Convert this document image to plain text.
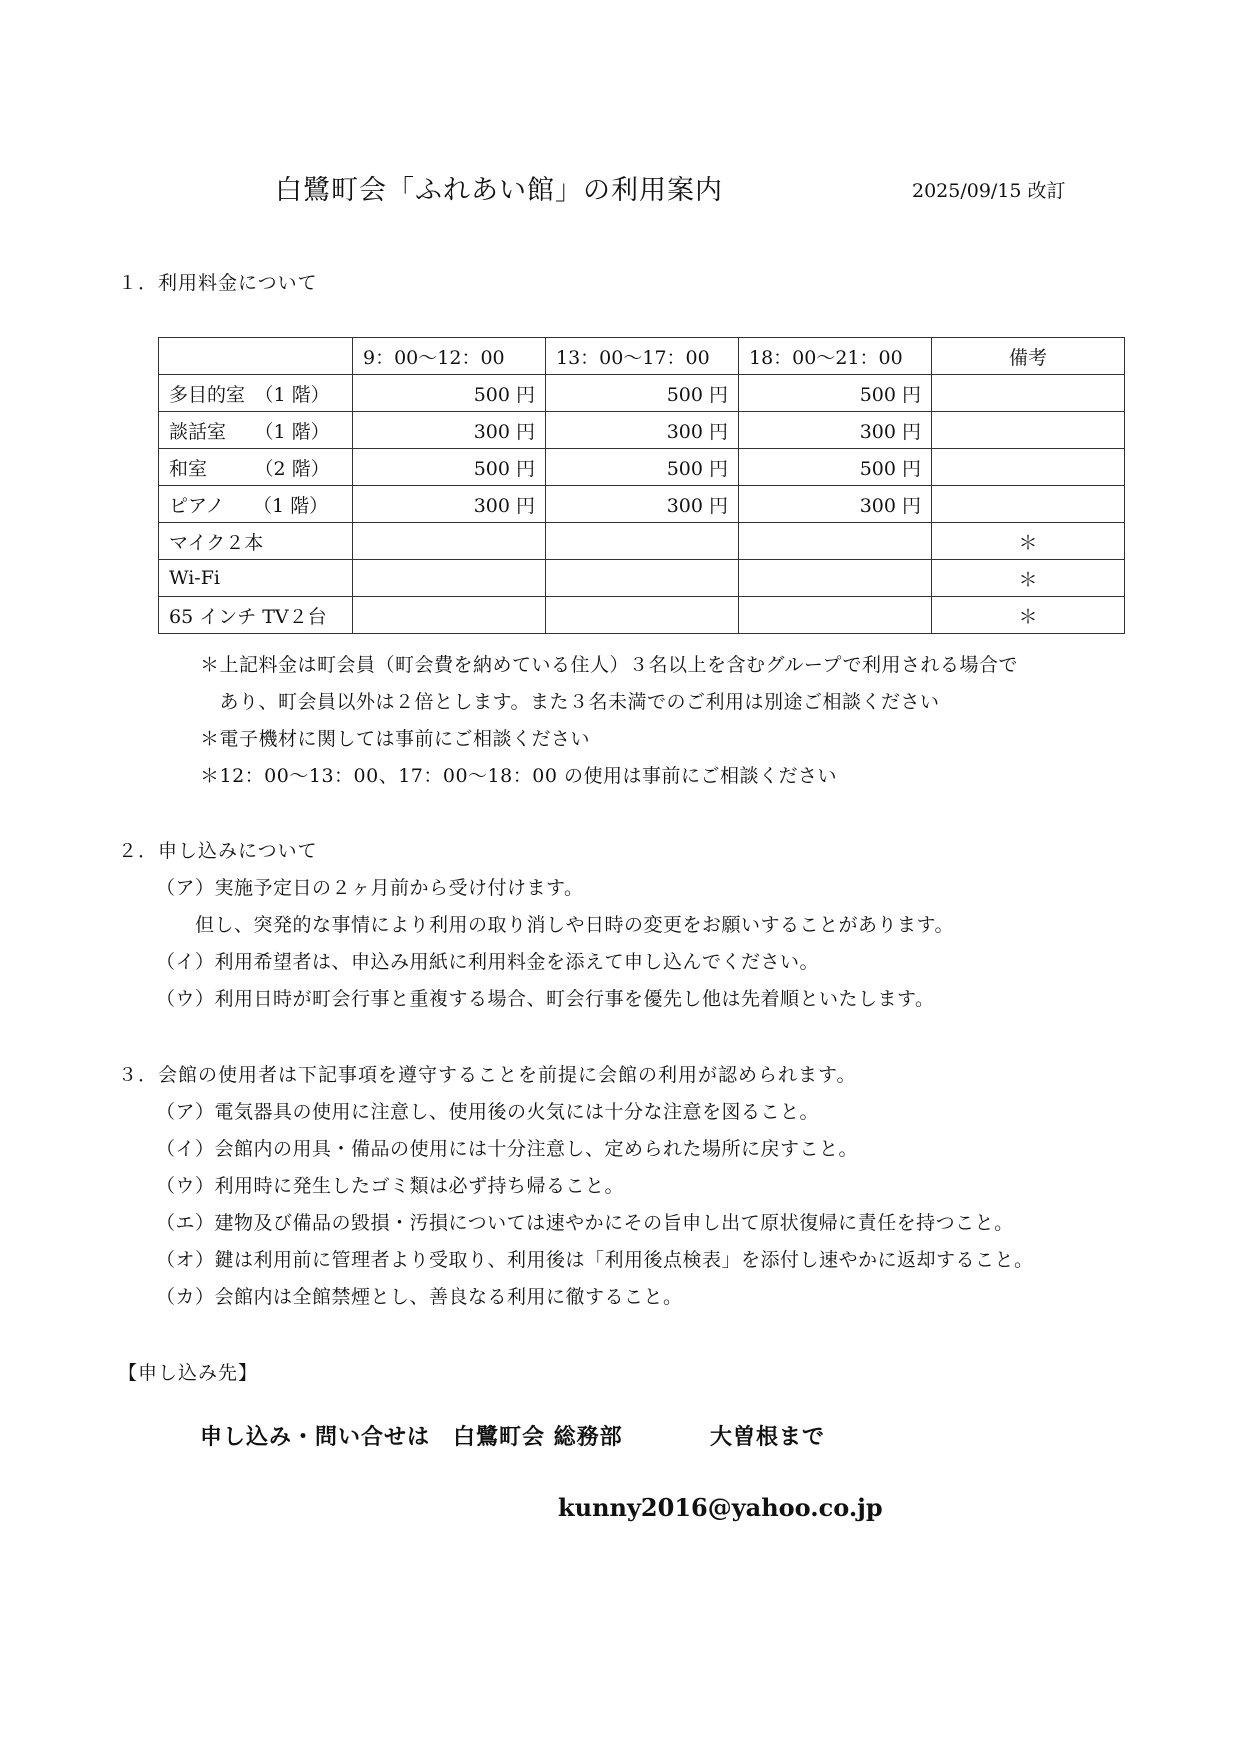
白鷺町会「ふれあい館」の利用案内	2025/09/15 改訂
１．利用料金について
	9：00～12：00	13：00～17：00	18：00～21：00	備考
多目的室　（1 階）	500 円	500 円	500 円	
談話室　　（1 階）	300 円	300 円	300 円	
和室　　　（2 階）	500 円	500 円	500 円	
ピアノ　　（1 階）	300 円	300 円	300 円	
マイク２本				＊
Wi-Fi				＊
65 インチ TV２台				＊
＊上記料金は町会員（町会費を納めている住人）３名以上を含むグループで利用される場合で
　あり、町会員以外は２倍とします。また３名未満でのご利用は別途ご相談ください
＊電子機材に関しては事前にご相談ください
＊12：00～13：00、17：00～18：00 の使用は事前にご相談ください
２．申し込みについて
（ア）実施予定日の２ヶ月前から受け付けます。
　　但し、突発的な事情により利用の取り消しや日時の変更をお願いすることがあります。
（イ）利用希望者は、申込み用紙に利用料金を添えて申し込んでください。
（ウ）利用日時が町会行事と重複する場合、町会行事を優先し他は先着順といたします。
３．会館の使用者は下記事項を遵守することを前提に会館の利用が認められます。
（ア）電気器具の使用に注意し、使用後の火気には十分な注意を図ること。
（イ）会館内の用具・備品の使用には十分注意し、定められた場所に戻すこと。
（ウ）利用時に発生したゴミ類は必ず持ち帰ること。
（エ）建物及び備品の毀損・汚損については速やかにその旨申し出て原状復帰に責任を持つこと。
（オ）鍵は利用前に管理者より受取り、利用後は「利用後点検表」を添付し速やかに返却すること。
（カ）会館内は全館禁煙とし、善良なる利用に徹すること。
【申し込み先】
申し込み・問い合せは　白鷺町会 総務部	大曽根まで
kunny2016@yahoo.co.jp
